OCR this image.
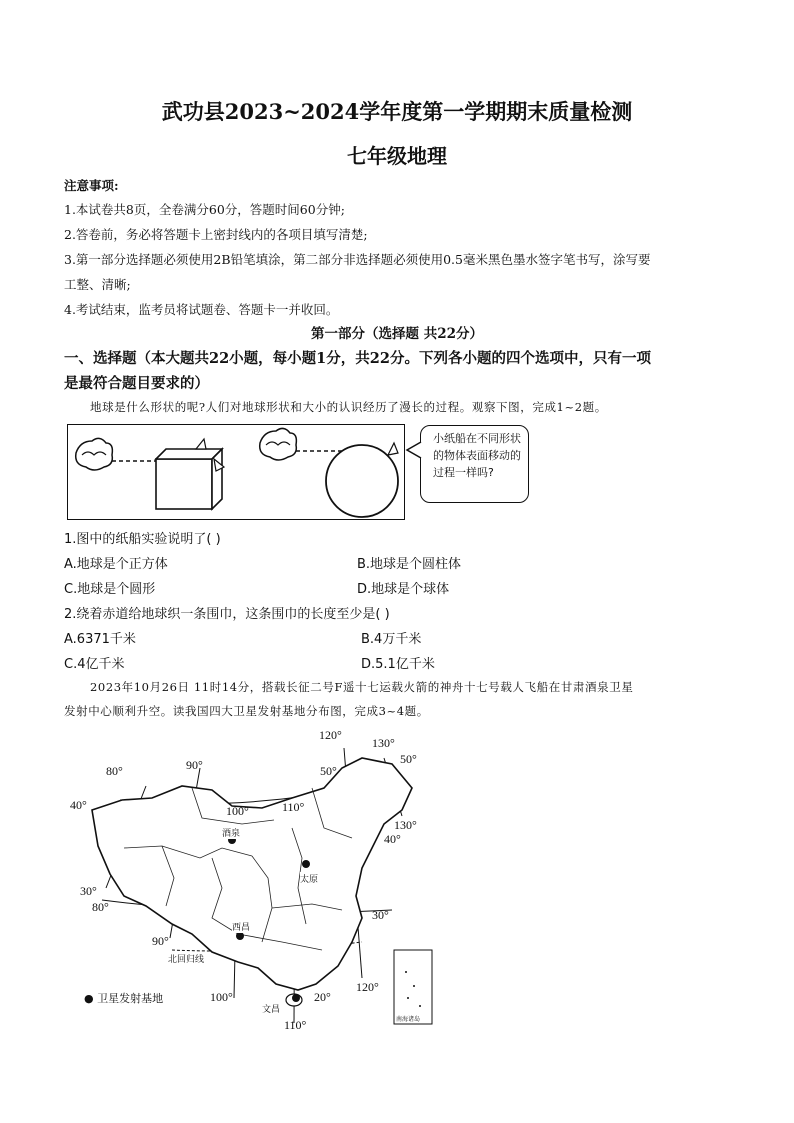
武功县2023~2024学年度第一学期期末质量检测
七年级地理
注意事项:
1.本试卷共8页，全卷满分60分，答题时间60分钟;
2.答卷前，务必将答题卡上密封线内的各项目填写清楚;
3.第一部分选择题必须使用2B铅笔填涂，第二部分非选择题必须使用0.5毫米黑色墨水签字笔书写，涂写要
工整、清晰;
4.考试结束，监考员将试题卷、答题卡一并收回。
第一部分（选择题 共22分）
一、选择题（本大题共22小题，每小题1分，共22分。下列各小题的四个选项中，只有一项
是最符合题目要求的）
地球是什么形状的呢?人们对地球形状和大小的认识经历了漫长的过程。观察下图，完成1~2题。
小纸船在不同形状的物体表面移动的过程一样吗?
1.图中的纸船实验说明了( )
A.地球是个正方体	B.地球是个圆柱体
C.地球是个圆形	D.地球是个球体
2.绕着赤道给地球织一条围巾，这条围巾的长度至少是( )
A.6371千米	B.4万千米
C.4亿千米	D.5.1亿千米
2023年10月26日 11时14分，搭载长征二号F遥十七运载火箭的神舟十七号载人飞船在甘肃酒泉卫星
发射中心顺利升空。读我国四大卫星发射基地分布图，完成3~4题。
120°
130°
80°	90°
100°	110°
130°
80°
90°
100°
120°
110°
50°
50°
40°
40°
30°
30°
20°
北回归线
酒泉
太原
西昌
文昌
● 卫星发射基地
南海诸岛
